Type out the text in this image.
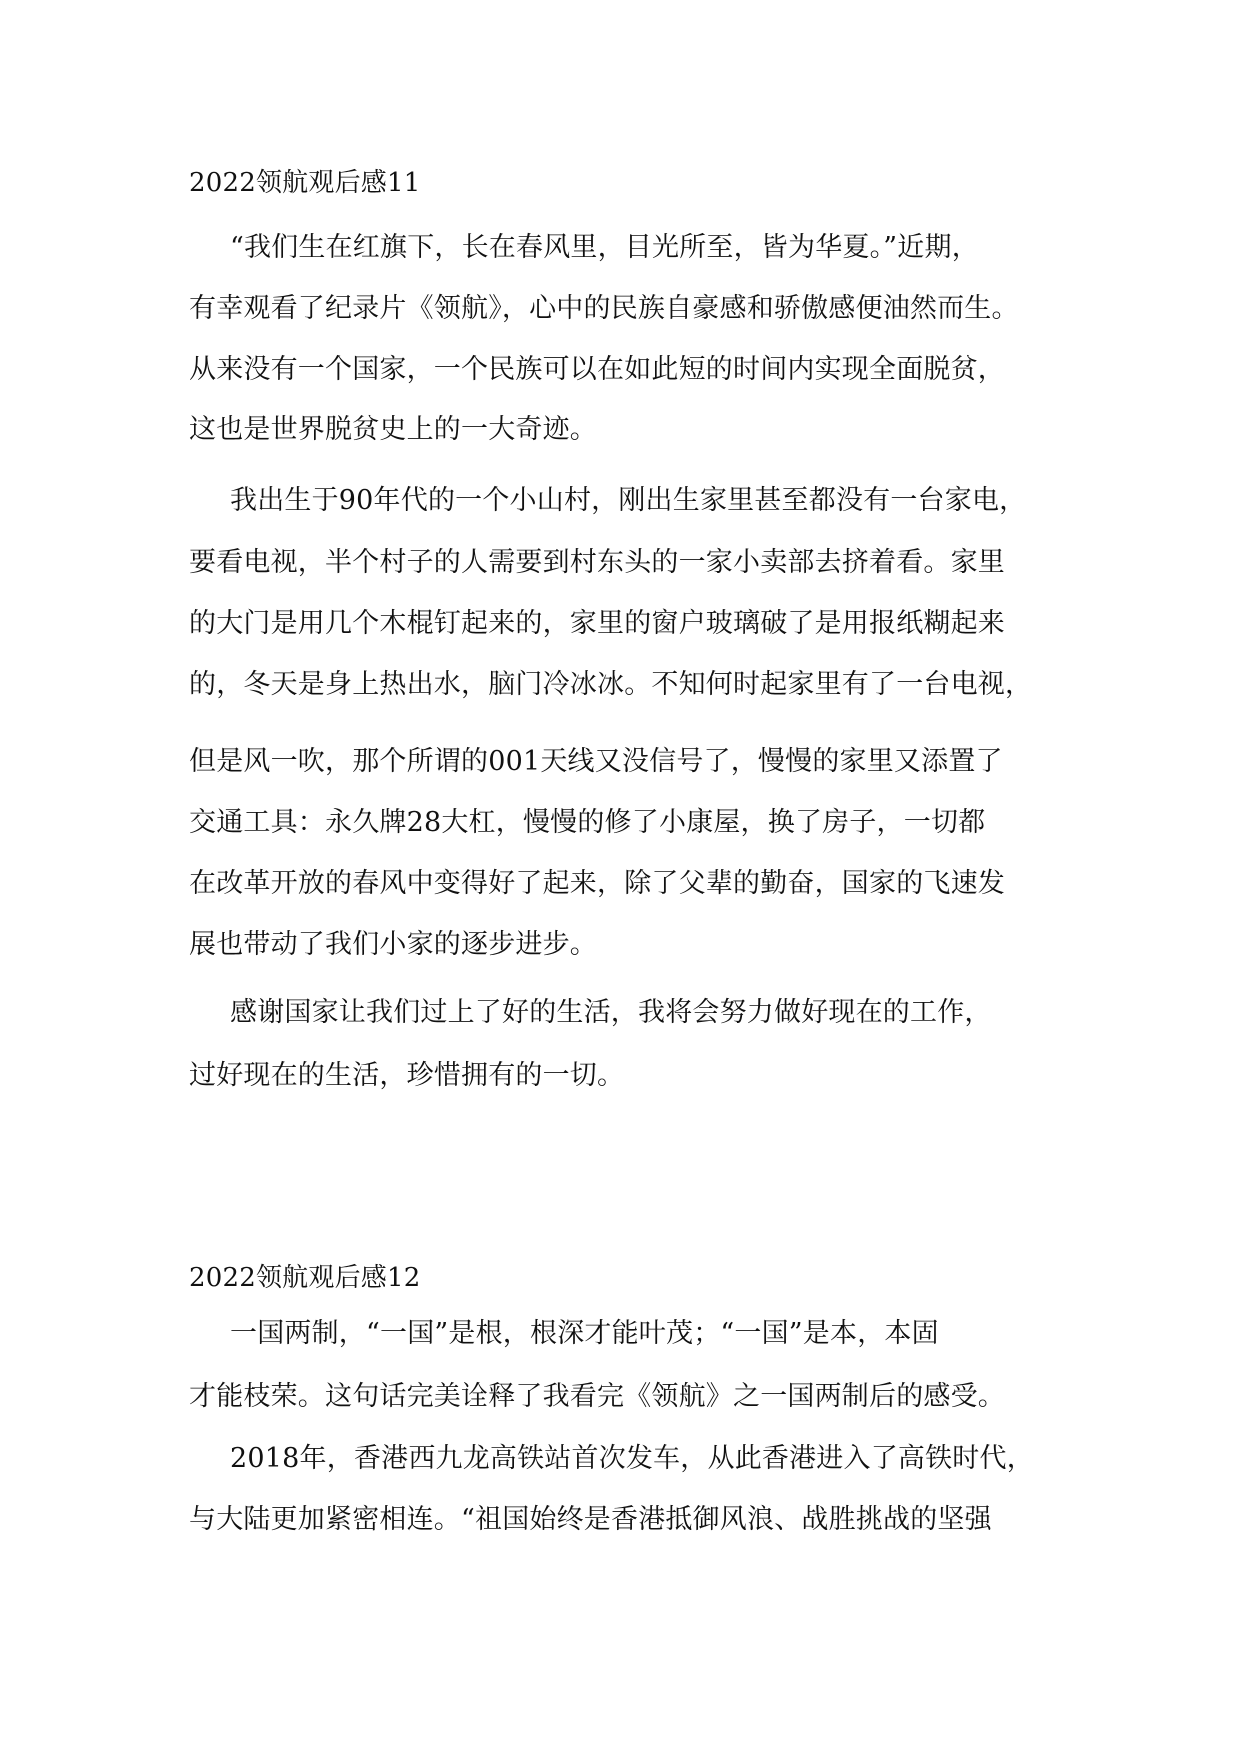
2022领航观后感11

“我们生在红旗下，长在春风里，目光所至，皆为华夏。”近期，

有幸观看了纪录片《领航》，心中的民族自豪感和骄傲感便油然而生。

从来没有一个国家，一个民族可以在如此短的时间内实现全面脱贫，

这也是世界脱贫史上的一大奇迹。

我出生于90年代的一个小山村，刚出生家里甚至都没有一台家电，

要看电视，半个村子的人需要到村东头的一家小卖部去挤着看。家里

的大门是用几个木棍钉起来的，家里的窗户玻璃破了是用报纸糊起来

的，冬天是身上热出水，脑门冷冰冰。不知何时起家里有了一台电视，

但是风一吹，那个所谓的001天线又没信号了，慢慢的家里又添置了

交通工具：永久牌28大杠，慢慢的修了小康屋，换了房子，一切都

在改革开放的春风中变得好了起来，除了父辈的勤奋，国家的飞速发

展也带动了我们小家的逐步进步。

感谢国家让我们过上了好的生活，我将会努力做好现在的工作，

过好现在的生活，珍惜拥有的一切。

2022领航观后感12

一国两制，“一国”是根，根深才能叶茂；“一国”是本，本固

才能枝荣。这句话完美诠释了我看完《领航》之一国两制后的感受。

2018年，香港西九龙高铁站首次发车，从此香港进入了高铁时代，

与大陆更加紧密相连。“祖国始终是香港抵御风浪、战胜挑战的坚强
